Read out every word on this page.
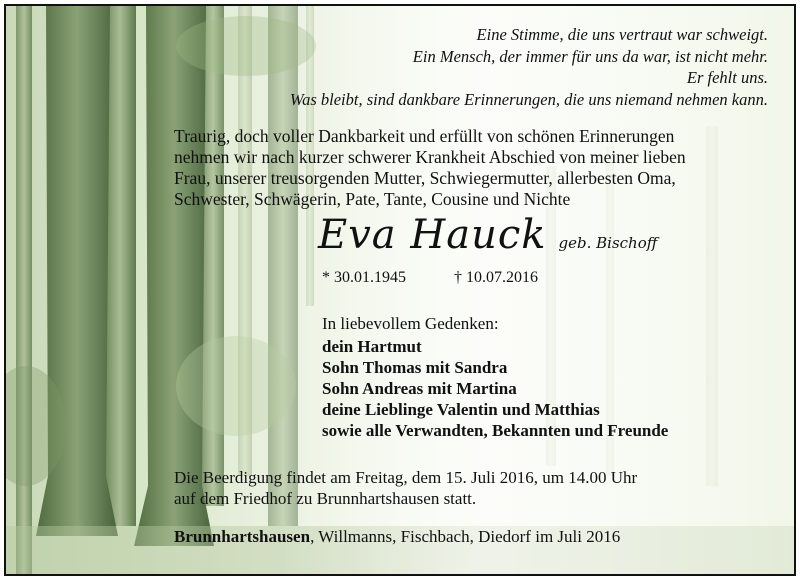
Eine Stimme, die uns vertraut war schweigt.
Ein Mensch, der immer für uns da war, ist nicht mehr.
Er fehlt uns.
Was bleibt, sind dankbare Erinnerungen, die uns niemand nehmen kann.
Traurig, doch voller Dankbarkeit und erfüllt von schönen Erinnerungen
nehmen wir nach kurzer schwerer Krankheit Abschied von meiner lieben
Frau, unserer treusorgenden Mutter, Schwiegermutter, allerbesten Oma,
Schwester, Schwägerin, Pate, Tante, Cousine und Nichte
Eva Hauck geb. Bischoff
* 30.01.1945	† 10.07.2016
In liebevollem Gedenken:
dein Hartmut
Sohn Thomas mit Sandra
Sohn Andreas mit Martina
deine Lieblinge Valentin und Matthias
sowie alle Verwandten, Bekannten und Freunde
Die Beerdigung findet am Freitag, dem 15. Juli 2016, um 14.00 Uhr
auf dem Friedhof zu Brunnhartshausen statt.
Brunnhartshausen, Willmanns, Fischbach, Diedorf im Juli 2016
